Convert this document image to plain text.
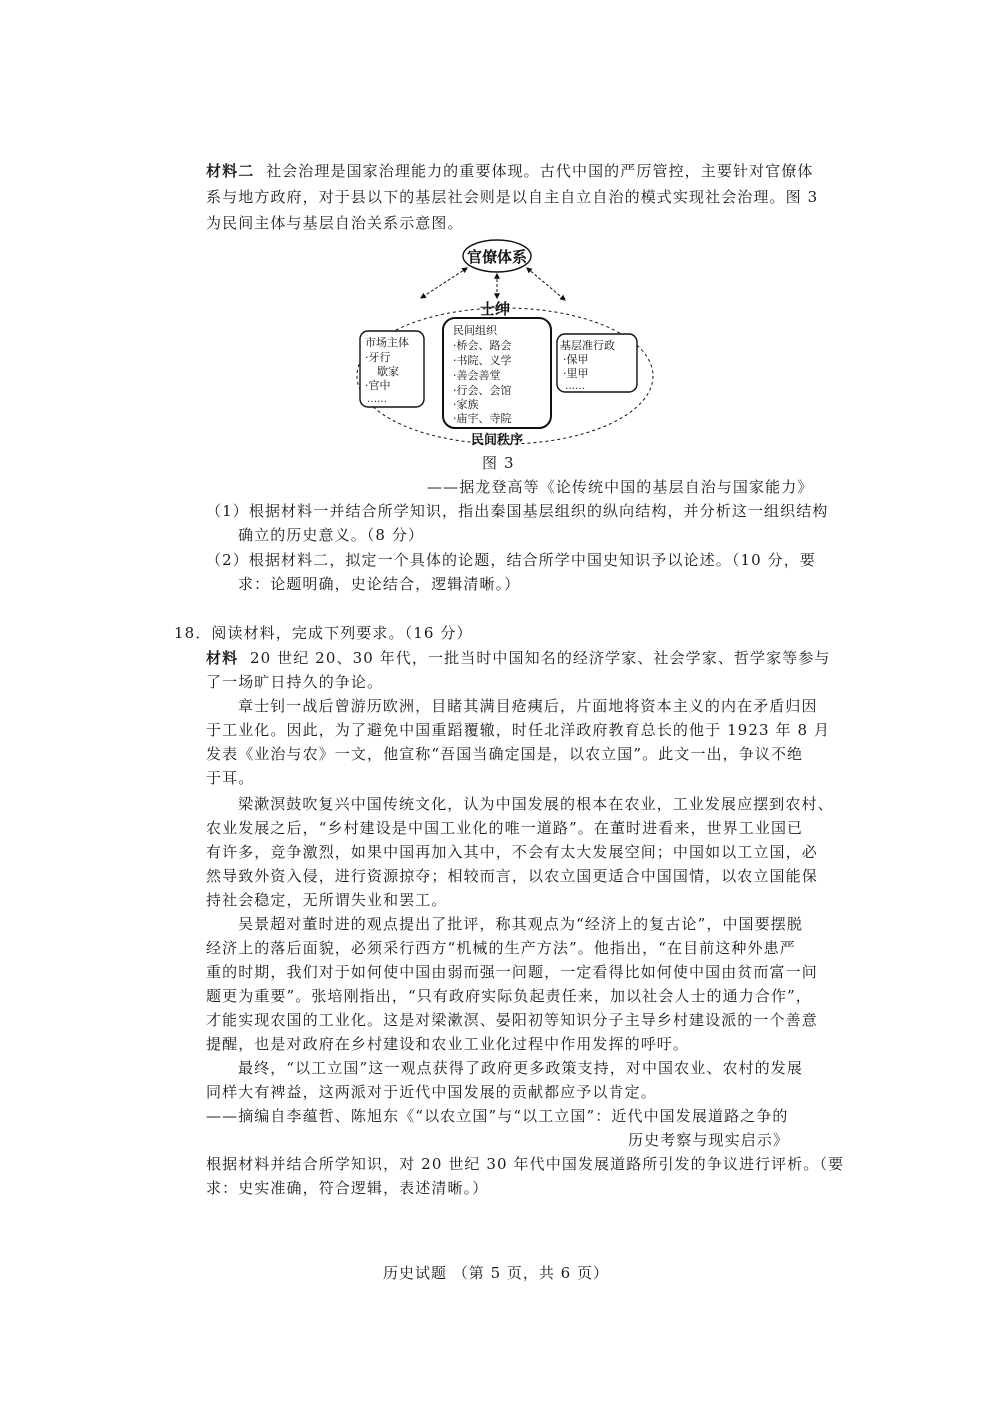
材料二 社会治理是国家治理能力的重要体现。古代中国的严厉管控，主要针对官僚体
系与地方政府，对于县以下的基层社会则是以自主自立自治的模式实现社会治理。图 3
为民间主体与基层自治关系示意图。
官僚体系
士绅
市场主体
·牙行
歇家
·官中
……
民间组织
·桥会、路会
·书院、义学
·善会善堂
·行会、会馆
·家族
·庙宇、寺院
基层准行政
·保甲
·里甲
……
民间秩序
图 3
——据龙登高等《论传统中国的基层自治与国家能力》
（1）根据材料一并结合所学知识，指出秦国基层组织的纵向结构，并分析这一组织结构
确立的历史意义。（8 分）
（2）根据材料二，拟定一个具体的论题，结合所学中国史知识予以论述。（10 分，要
求：论题明确，史论结合，逻辑清晰。）
18．阅读材料，完成下列要求。（16 分）
材料 20 世纪 20、30 年代，一批当时中国知名的经济学家、社会学家、哲学家等参与
了一场旷日持久的争论。
章士钊一战后曾游历欧洲，目睹其满目疮痍后，片面地将资本主义的内在矛盾归因
于工业化。因此，为了避免中国重蹈覆辙，时任北洋政府教育总长的他于 1923 年 8 月
发表《业治与农》一文，他宣称“吾国当确定国是，以农立国”。此文一出，争议不绝
于耳。
梁漱溟鼓吹复兴中国传统文化，认为中国发展的根本在农业，工业发展应摆到农村、
农业发展之后，“乡村建设是中国工业化的唯一道路”。在董时进看来，世界工业国已
有许多，竞争激烈，如果中国再加入其中，不会有太大发展空间；中国如以工立国，必
然导致外资入侵，进行资源掠夺；相较而言，以农立国更适合中国国情，以农立国能保
持社会稳定，无所谓失业和罢工。
吴景超对董时进的观点提出了批评，称其观点为“经济上的复古论”，中国要摆脱
经济上的落后面貌，必须采行西方“机械的生产方法”。他指出，“在目前这种外患严
重的时期，我们对于如何使中国由弱而强一问题，一定看得比如何使中国由贫而富一问
题更为重要”。张培刚指出，“只有政府实际负起责任来，加以社会人士的通力合作”，
才能实现农国的工业化。这是对梁漱溟、晏阳初等知识分子主导乡村建设派的一个善意
提醒，也是对政府在乡村建设和农业工业化过程中作用发挥的呼吁。
最终，“以工立国”这一观点获得了政府更多政策支持，对中国农业、农村的发展
同样大有裨益，这两派对于近代中国发展的贡献都应予以肯定。
——摘编自李蕴哲、陈旭东《“以农立国”与“以工立国”：近代中国发展道路之争的
历史考察与现实启示》
根据材料并结合所学知识，对 20 世纪 30 年代中国发展道路所引发的争议进行评析。（要
求：史实准确，符合逻辑，表述清晰。）
历史试题 （第 5 页，共 6 页）
